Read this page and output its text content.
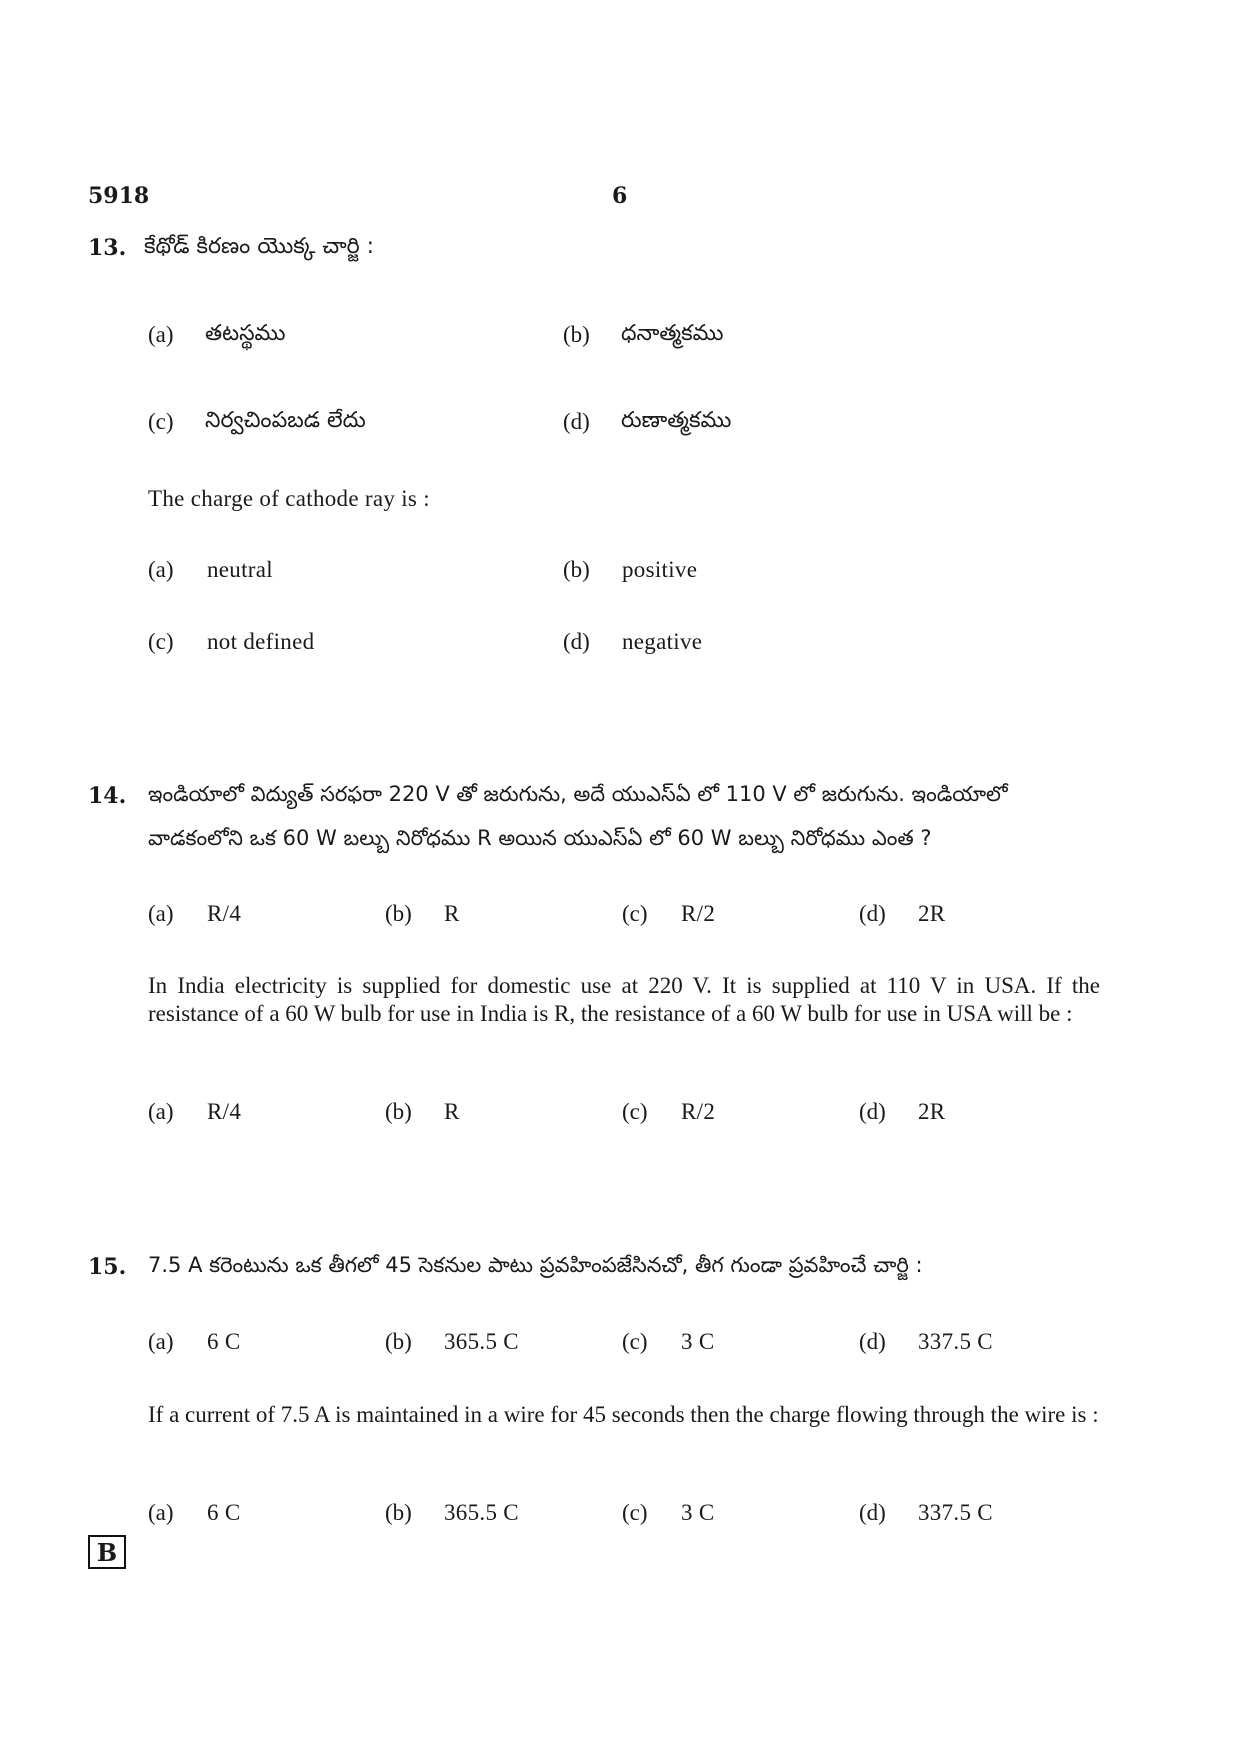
5918	6
13. కేథోడ్ కిరణం యొక్క చార్జి :
(a) తటస్థము	(b) ధనాత్మకము
(c) నిర్వచింపబడ లేదు	(d) రుణాత్మకము
The charge of cathode ray is :
(a) neutral	(b) positive
(c) not defined	(d) negative
14. ఇండియాలో విద్యుత్ సరఫరా 220 V తో జరుగును, అదే యుఎస్ఏ లో 110 V లో జరుగును. ఇండియాలో
వాడకంలోని ఒక 60 W బల్బు నిరోధము R అయిన యుఎస్ఏ లో 60 W బల్బు నిరోధము ఎంత ?
(a) R/4	(b) R	(c) R/2	(d) 2R
In India electricity is supplied for domestic use at 220 V. It is supplied at 110 V in USA. If the resistance of a 60 W bulb for use in India is R, the resistance of a 60 W bulb for use in USA will be :
(a) R/4	(b) R	(c) R/2	(d) 2R
15. 7.5 A కరెంటును ఒక తీగలో 45 సెకనుల పాటు ప్రవహింపజేసినచో, తీగ గుండా ప్రవహించే చార్జి :
(a) 6 C	(b) 365.5 C	(c) 3 C	(d) 337.5 C
If a current of 7.5 A is maintained in a wire for 45 seconds then the charge flowing through the wire is :
(a) 6 C	(b) 365.5 C	(c) 3 C	(d) 337.5 C
B
